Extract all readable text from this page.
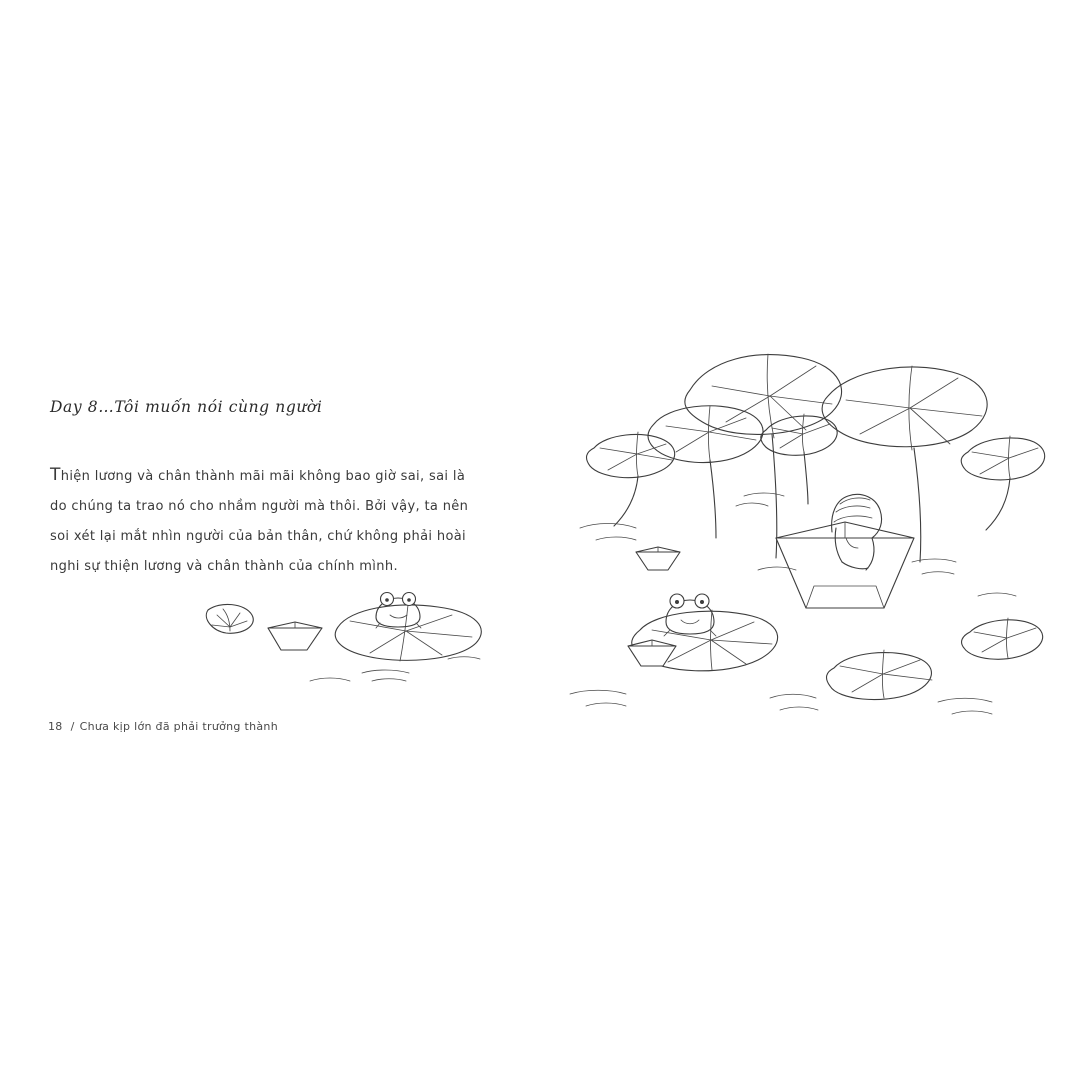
Day 8…Tôi muốn nói cùng người
Thiện lương và chân thành mãi mãi không bao giờ sai, sai là do chúng ta trao nó cho nhầm người mà thôi. Bởi vậy, ta nên soi xét lại mắt nhìn người của bản thân, chứ không phải hoài nghi sự thiện lương và chân thành của chính mình.
18 / Chưa kịp lớn đã phải trưởng thành
